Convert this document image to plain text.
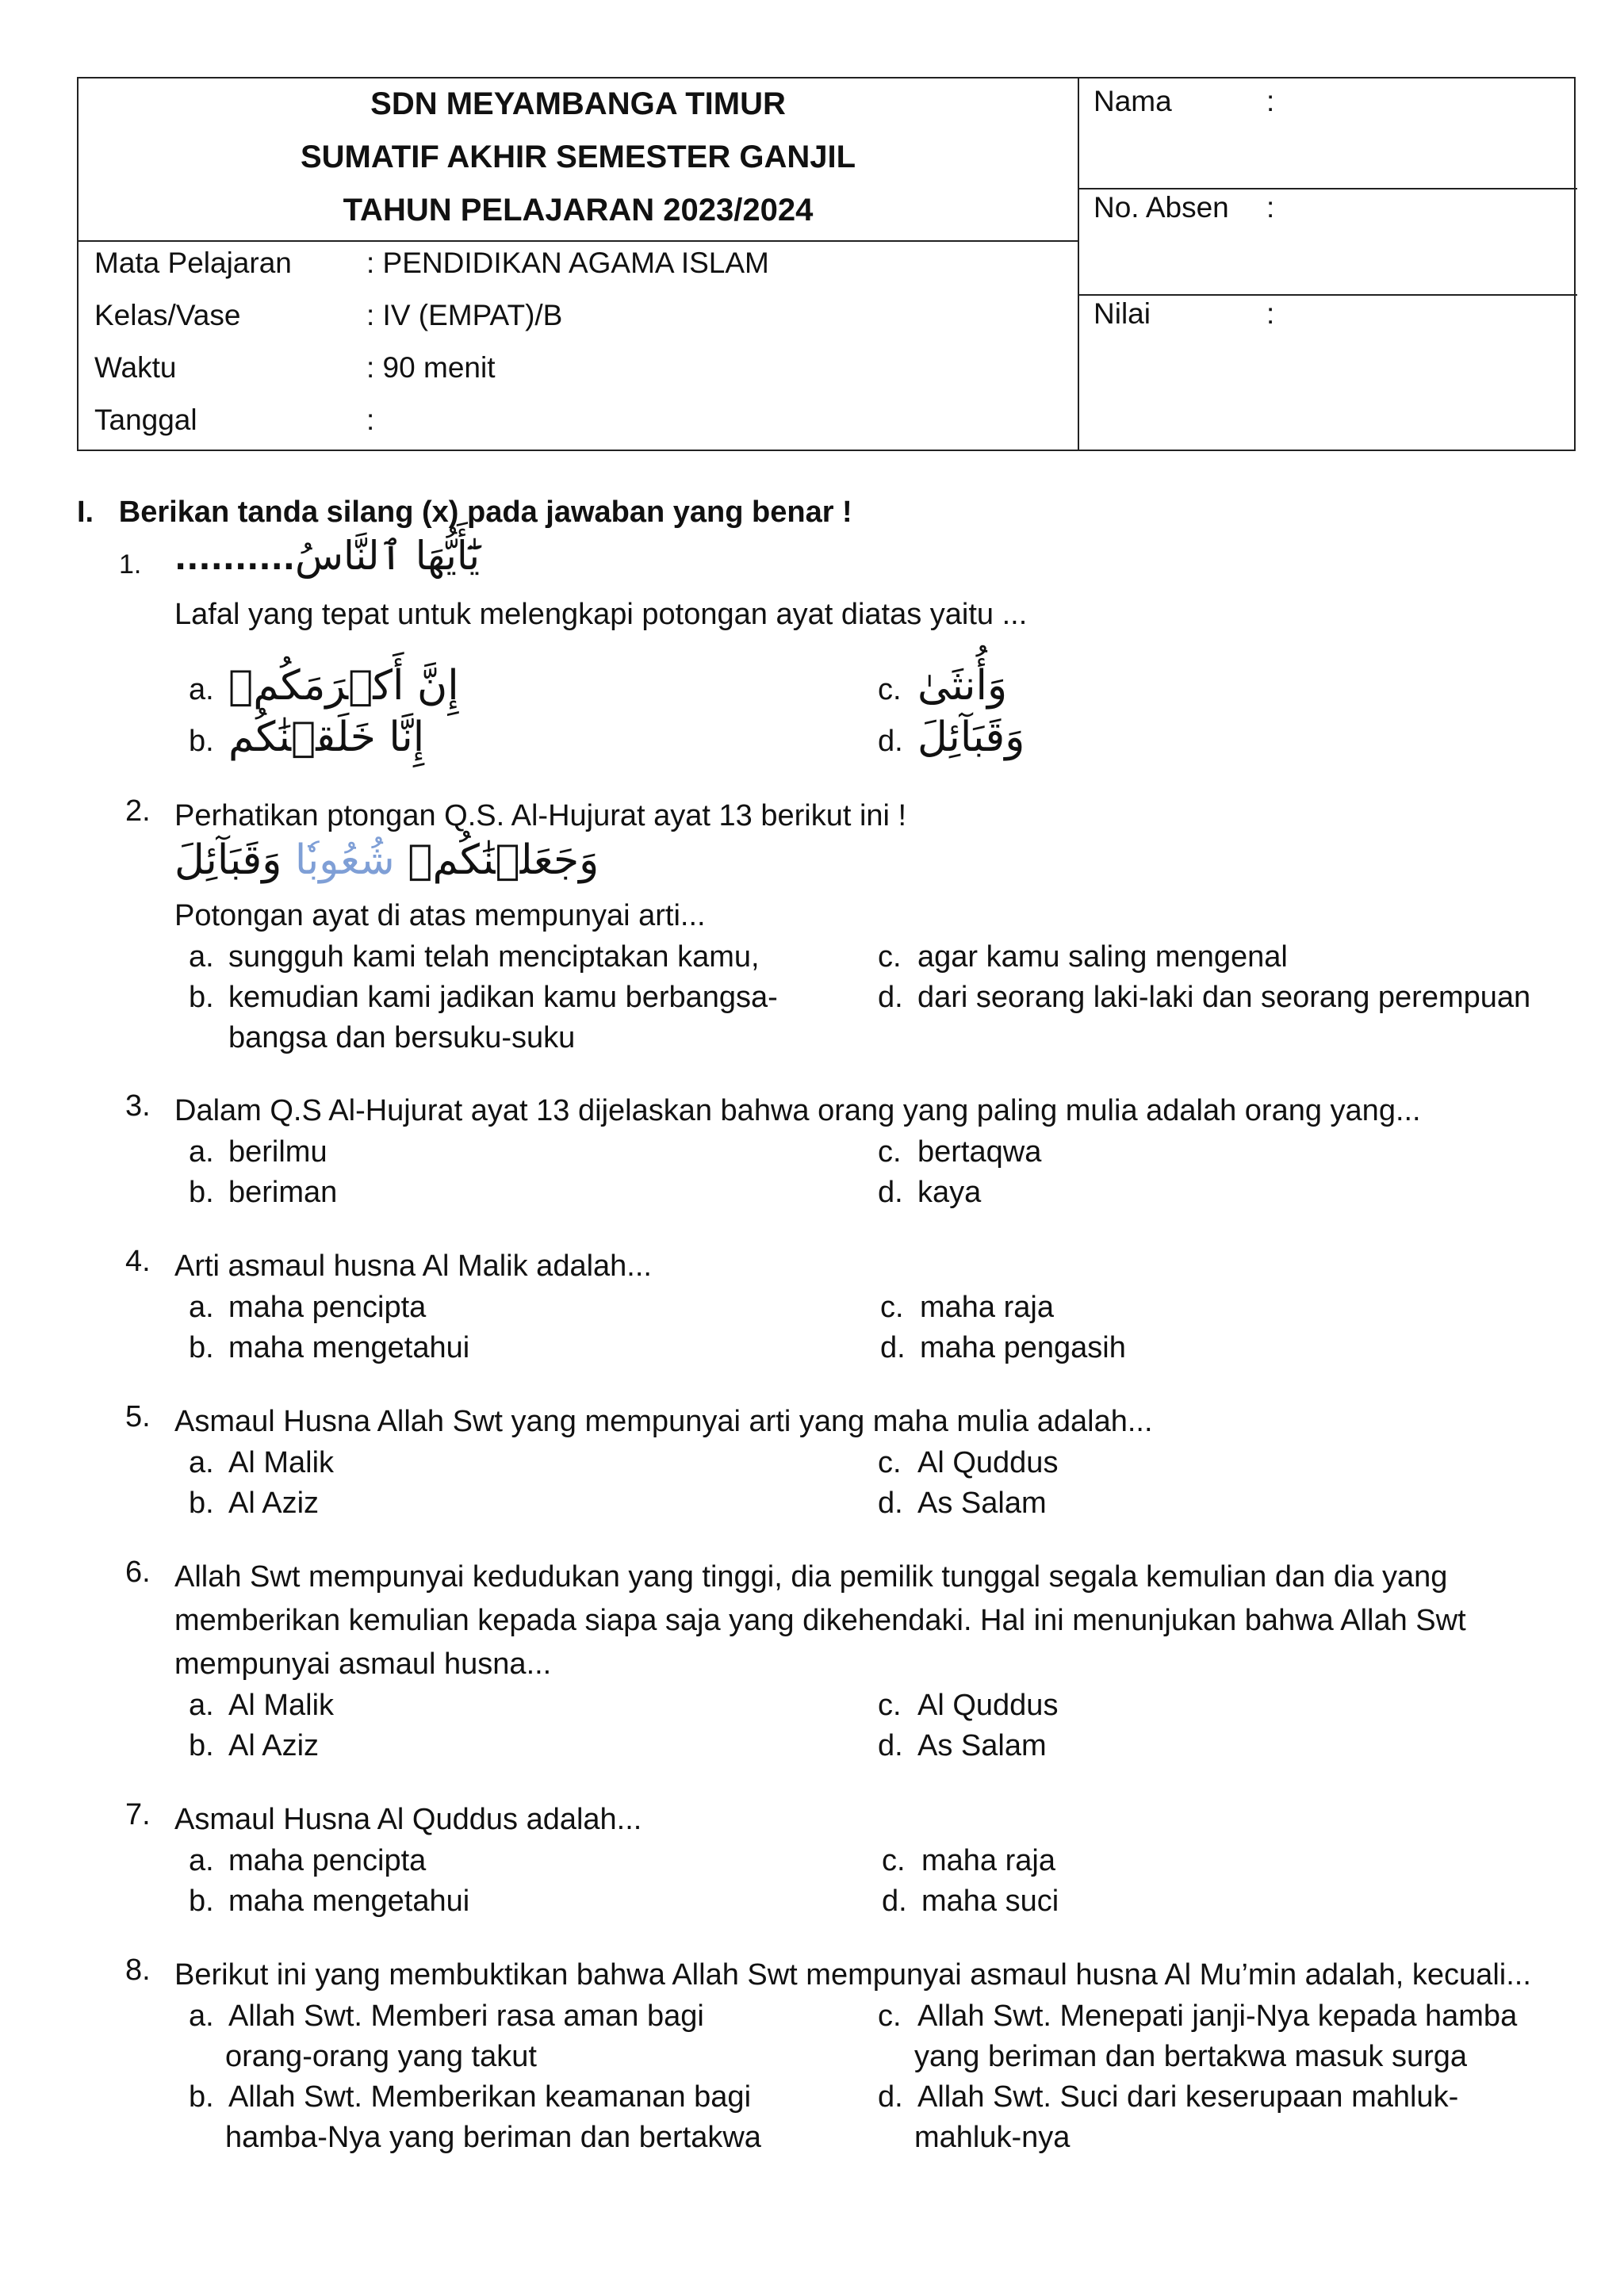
SDN MEYAMBANGA TIMUR
SUMATIF AKHIR SEMESTER GANJIL
TAHUN PELAJARAN 2023/2024
Mata Pelajaran	: PENDIDIKAN AGAMA ISLAM
Kelas/Vase	: IV (EMPAT)/B
Waktu	: 90 menit
Tanggal	:
Nama	:
No. Absen :
Nilai	:
I.   Berikan tanda silang (x) pada jawaban yang benar !
1. ..........يَٰٓأَيُّهَا ٱلنَّاسُ
Lafal yang tepat untuk melengkapi potongan ayat diatas yaitu ...
a. إِنَّ أَكۡرَمَكُمۡ
b. إِنَّا خَلَقۡنَٰكُم
c. وَأُنثَىٰ
d. وَقَبَآئِلَ
2. Perhatikan ptongan Q.S. Al-Hujurat ayat 13 berikut ini !
وَجَعَلۡنَٰكُمۡ شُعُوبٗا وَقَبَآئِلَ
Potongan ayat di atas mempunyai arti...
a. sungguh kami telah menciptakan kamu,
b. kemudian kami jadikan kamu berbangsa-
bangsa dan bersuku-suku
c. agar kamu saling mengenal
d. dari seorang laki-laki dan seorang perempuan
3. Dalam Q.S Al-Hujurat ayat 13 dijelaskan bahwa orang yang paling mulia adalah orang yang...
a. berilmu
b. beriman
c. bertaqwa
d. kaya
4. Arti asmaul husna Al Malik adalah...
a. maha pencipta
b. maha mengetahui
c. maha raja
d. maha pengasih
5. Asmaul Husna Allah Swt yang mempunyai arti yang maha mulia adalah...
a. Al Malik
b. Al Aziz
c. Al Quddus
d. As Salam
6. Allah Swt mempunyai kedudukan yang tinggi, dia pemilik tunggal segala kemulian dan dia yang
memberikan kemulian kepada siapa saja yang dikehendaki. Hal ini menunjukan bahwa Allah Swt
mempunyai asmaul husna...
a. Al Malik
b. Al Aziz
c. Al Quddus
d. As Salam
7. Asmaul Husna Al Quddus adalah...
a. maha pencipta
b. maha mengetahui
c. maha raja
d. maha suci
8. Berikut ini yang membuktikan bahwa Allah Swt mempunyai asmaul husna Al Mu’min adalah, kecuali...
a. Allah Swt. Memberi rasa aman bagi
orang-orang yang takut
b. Allah Swt. Memberikan keamanan bagi
hamba-Nya yang beriman dan bertakwa
c. Allah Swt. Menepati janji-Nya kepada hamba
yang beriman dan bertakwa masuk surga
d. Allah Swt. Suci dari keserupaan mahluk-
mahluk-nya
